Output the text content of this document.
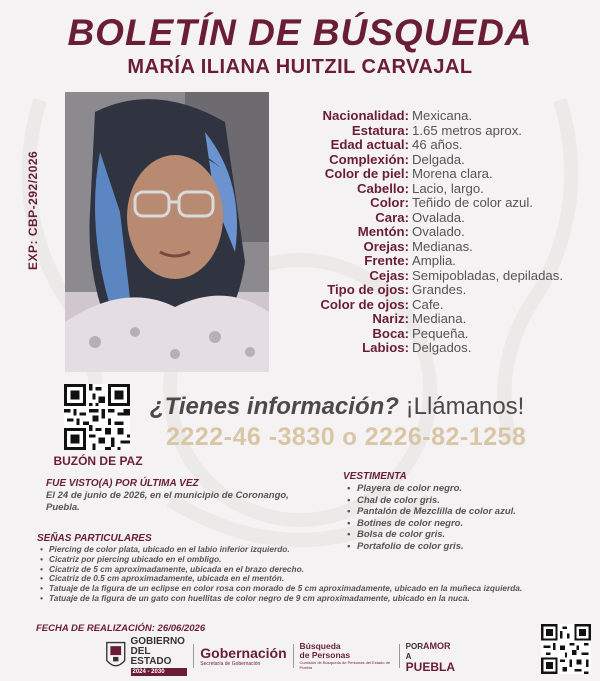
BOLETÍN DE BÚSQUEDA
MARÍA ILIANA HUITZIL CARVAJAL
EXP: CBP-292/2026
Nacionalidad: Mexicana.
Estatura: 1.65 metros aprox.
Edad actual: 46 años.
Complexión: Delgada.
Color de piel: Morena clara.
Cabello: Lacio, largo.
Color: Teñido de color azul.
Cara: Ovalada.
Mentón: Ovalado.
Orejas: Medianas.
Frente: Amplia.
Cejas: Semipobladas, depiladas.
Tipo de ojos: Grandes.
Color de ojos: Cafe.
Nariz: Mediana.
Boca: Pequeña.
Labios: Delgados.
BUZÓN DE PAZ
¿Tienes información? ¡Llámanos!
2222-46 -3830 o 2226-82-1258
FUE VISTO(A) POR ÚLTIMA VEZ

El 24 de junio de 2026, en el municipio de Coronango, Puebla.

VESTIMENTA
• Playera de color negro.
• Chal de color gris.
• Pantalón de Mezclilla de color azul.
• Botines de color negro.
• Bolsa de color gris.
• Portafolio de color gris.
SEÑAS PARTICULARES
• Piercing de color plata, ubicado en el labio inferior izquierdo.
• Cicatriz por piercing ubicado en el ombligo.
• Cicatriz de 5 cm aproximadamente, ubicada en el brazo derecho.
• Cicatriz de 0.5 cm aproximadamente, ubicada en el mentón.
• Tatuaje de la figura de un eclipse en color rosa con morado de 5 cm aproximadamente, ubicado en la muñeca izquierda.
• Tatuaje de la figura de un gato con huellitas de color negro de 9 cm aproximadamente, ubicado en la nuca.
FECHA DE REALIZACIÓN: 26/06/2026
GOBIERNO
DEL ESTADO
2024 - 2030
Gobernación
Secretaría de Gobernación
Búsqueda
de Personas
Comisión de Búsqueda de Personas del Estado de Puebla
PORAMOR A
PUEBLA
